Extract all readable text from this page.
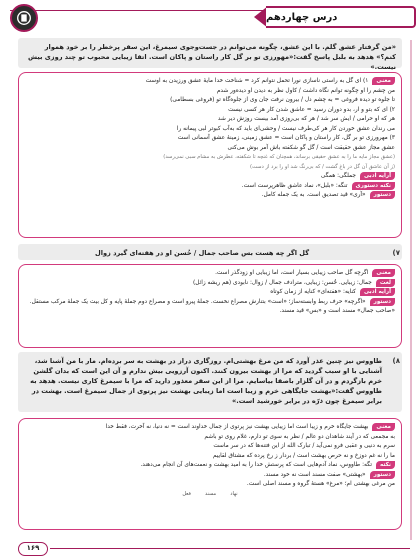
درس چهاردهم
«من گرفتار عشق گلم. با این عشق، چگونه می‌توانم در جست‌وجوی سیمرغ، این سفر پرخطر را بر خود هموار کنم؟» هدهد به بلبل پاسخ گفت:«مهورزی تو بر گل کار راستان و پاکان است. اتفا زیبایی محبوب تو چند روزی بیش نیست.»

معنی۱) ای گل به راستی ناسازی نورا تحمل نتوانم کرد = شناخت خدا مایهٔ عشق ورزیدن به اوست

من چشم را او چگونه توانم نگاه داشت / کاول نظر به دیدن او دیده‌ور شدم

تا جلوه تو دیده فروغی = به چشم دل / بیرون نرفت جان وی از جلوه‌گاه تو (فروغی بسطامی)

۲) ای که بتو و ار، بدو دوران رسید = عاشق شدن کار هر کسی نیست

هر که او حرامی / ایش سر شد / هر که بی‌روزی آمد بیست روزش دیر شد

می رندان عشق خوردن کار هر کی‌طرف نیست / وحشی‌ای باید که به‌آب کبوتر لبی پیمانه را

۳) مهرورزی تو بر گل، کار راستان و پاکان است = عشق زمینی، زمینهٔ عشق آسمانی است

عشق مجاز عشق حقیقت است / گل گو شکفته باش آمر بوش می‌کنی

(عشق مجاز مایه ما را به عشق حقیقی برساند، همچنان که غنچه تا شکفته، عطرش به مشام سبی نمی‌رسد)

(ز آن عاشق آن گل در باغ گشت / که بی‌رنگ شد او را برد از دست)

آرایه ادبیجملگی: همگی

نکته دستوریتنگه: «بلبل»، نماد عاشق ظاهرپرست است.

دستور«آری» قید تصدیق است. به یک جمله کامل.

۷)
گل اگر چه هست بس صاحب جمال / حُسن او در هفته‌ای گیرد زوال

معنیاگرچه گل صاحب زیبایی بسیار است، اما زیبایی او زودگذر است.

لغتجمال: زیبایی. حُسن: زیبایی، مترادف جمال / زوال: نابودی (هم ریشه زائل)

آرایه ادبیکنایه: «هفته‌ای» کنایه از زمان کوتاه

دستور«اگرچه» حرف ربط وابسته‌ساز؛ «است» بتنارش مصراع نخست. جملهٔ پیرو است و مصراع دوم جملهٔ پایه و کل بیت یک جملهٔ مرکب مستقل.

«صاحب جمال» مسند است و «بس» قید مسند.

۸)
طاووس نیز چنین عذر آورد که من مرغ بهشتی‌ام. روزگاری دراز در بهشت به سر برده‌ام. مار با من آشنا شد، آشنایی با او سبب گردید که مرا از بهشت بیرون کنند. اکنون آرزویی بیش ندارم و آن این است که بدان گلشن خرم بازگردم و در آن گلزار باصفا بیاسایم. مرا از این سفر معذور دارید که مرا با سیمرغ کاری نیست. هدهد به طاووس گفت:«بهشت جایگاهی خرم و زیبا است اما زیبایی بهشت نیز پرتوی از جمال سیمرغ است. بهشت در برابر سیمرغ چون ذرّه در برابر خورشید است.»

معنیبهشت جایگاه خرم و زیبا است اما زیبایی بهشت نیز پرتوی از جمال خداوند است = نه دنیا، نه آخرت، فقط خدا

به مجمعی که در آیند شاهدان دو عالم / نظر به سوی تو دارم، غلام روی تو باشم

سرم به دنیی و عقبی فرو نمی‌آید / تبارک الله از این فتنه‌ها که در سر ماست

ما را نه غم دوزخ و نه حرص بهشت است / بردار ز رخ پرده که مشتاق لقاییم

نکتهتگه: طاووس، نماد آدم‌هایی است که پرستش خدا را به امید بهشت و نعمت‌های آن انجام می‌دهند.

دستور«بهشتی» صفت مسند است نه خود مسند.

من مرغی بهشتی ام؛ «مرغ» هستهٔ گروه و مسند اصلی است.

نهاد
مسند
فعل
۱۶۹
